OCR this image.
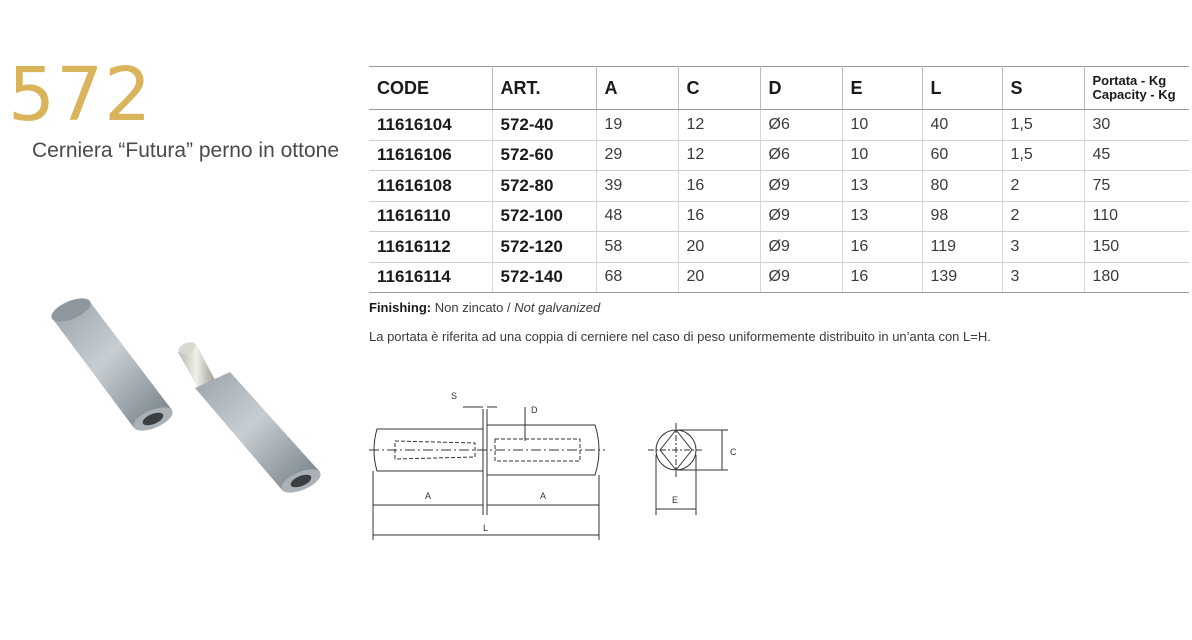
572
Cerniera “Futura” perno in ottone
CODE	ART.	A	C	D	E	L	S	Portata - Kg
Capacity - Kg

11616104	572-40	19	12	Ø6	10	40	1,5	30
11616106	572-60	29	12	Ø6	10	60	1,5	45
11616108	572-80	39	16	Ø9	13	80	2	75
11616110	572-100	48	16	Ø9	13	98	2	110
11616112	572-120	58	20	Ø9	16	119	3	150
11616114	572-140	68	20	Ø9	16	139	3	180
Finishing: Non zincato / Not galvanized
La portata è riferita ad una coppia di cerniere nel caso di peso uniformemente distribuito in un’anta con L=H.
S
D
A	A
L
C
E
